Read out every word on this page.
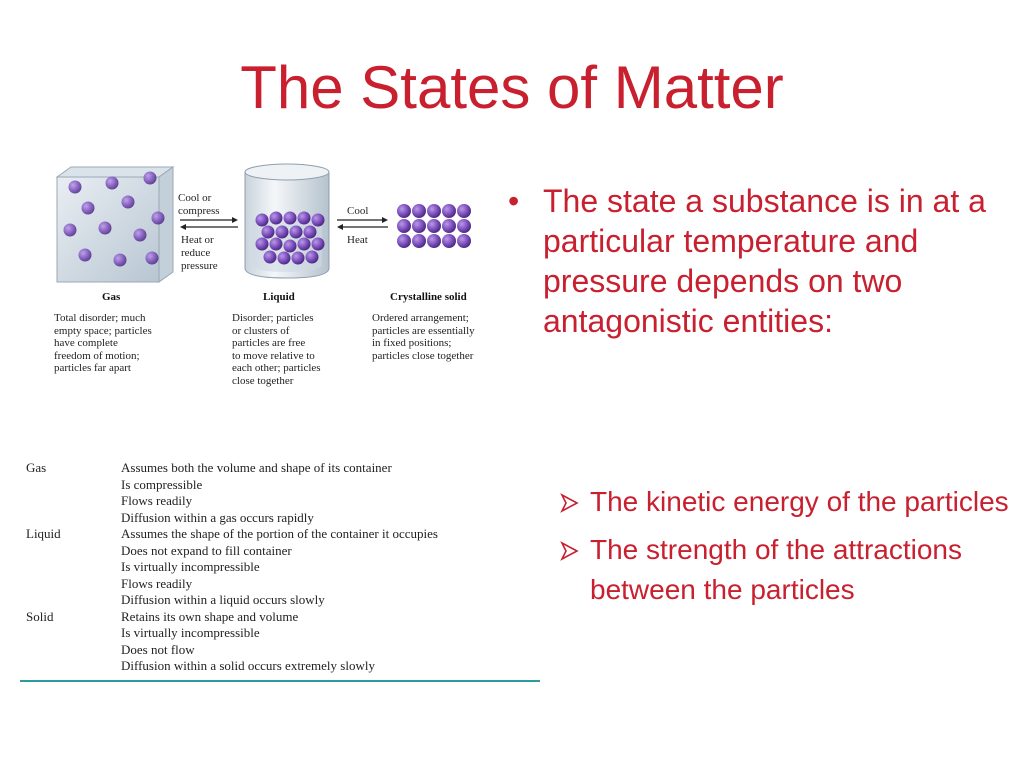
The States of Matter
Cool or
compress
Heat or
reduce
pressure
Cool
Heat
Gas	Liquid	Crystalline solid
Total disorder; much
empty space; particles
have complete
freedom of motion;
particles far apart
Disorder; particles
or clusters of
particles are free
to move relative to
each other; particles
close together
Ordered arrangement;
particles are essentially
in fixed positions;
particles close together
Gas	Assumes both the volume and shape of its container
Is compressible
Flows readily
Diffusion within a gas occurs rapidly
Liquid	Assumes the shape of the portion of the container it occupies
Does not expand to fill container
Is virtually incompressible
Flows readily
Diffusion within a liquid occurs slowly
Solid	Retains its own shape and volume
Is virtually incompressible
Does not flow
Diffusion within a solid occurs extremely slowly
• The state a substance is in at a particular temperature and pressure depends on two antagonistic entities:
The kinetic energy of the particles
The strength of the attractions between the particles
